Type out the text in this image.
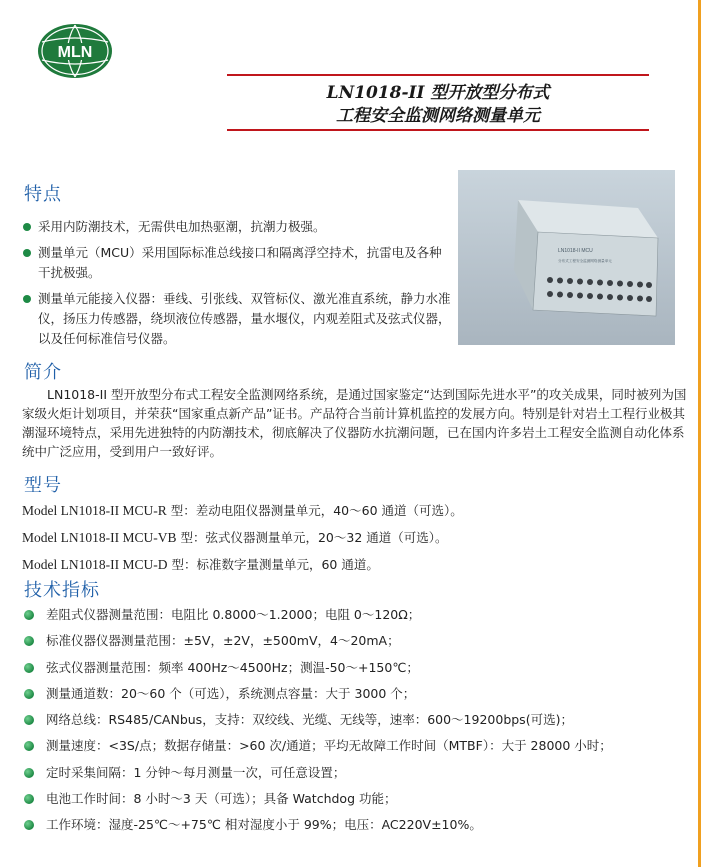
MLN
LN1018-II 型开放型分布式
工程安全监测网络测量单元
特点
采用内防潮技术，无需供电加热驱潮，抗潮力极强。
测量单元（MCU）采用国际标准总线接口和隔离浮空持术，抗雷电及各种干扰极强。
测量单元能接入仪器：垂线、引张线、双管标仪、激光准直系统，静力水准仪，扬压力传感器，绕坝液位传感器，量水堰仪，内观差阻式及弦式仪器，以及任何标准信号仪器。
LN1018-II MCU
分布式工程安全监测网络测量单元
简介

LN1018-II 型开放型分布式工程安全监测网络系统，是通过国家鉴定“达到国际先进水平”的攻关成果，同时被列为国家级火炬计划项目，并荣获“国家重点新产品”证书。产品符合当前计算机监控的发展方向。特别是针对岩土工程行业极其潮湿环境特点，采用先进独特的内防潮技术，彻底解决了仪器防水抗潮问题，已在国内许多岩土工程安全监测自动化体系统中广泛应用，受到用户一致好评。

型号
Model LN1018-II MCU-R 型：差动电阻仪器测量单元，40～60 通道（可选）。
Model LN1018-II MCU-VB 型：弦式仪器测量单元，20～32 通道（可选）。
Model LN1018-II MCU-D 型：标准数字量测量单元，60 通道。
技术指标
差阻式仪器测量范围：电阻比 0.8000～1.2000；电阻 0～120Ω；
标准仪器仪器测量范围：±5V，±2V，±500mV，4～20mA；
弦式仪器测量范围：频率 400Hz～4500Hz；测温-50～+150℃；
测量通道数：20～60 个（可选），系统测点容量：大于 3000 个；
网络总线：RS485/CANbus，支持：双绞线、光缆、无线等，速率：600～19200bps(可选)；
测量速度：<3S/点；数据存储量：>60 次/通道；平均无故障工作时间（MTBF）：大于 28000 小时；
定时采集间隔：1 分钟～每月测量一次，可任意设置；
电池工作时间：8 小时～3 天（可选）；具备 Watchdog 功能；
工作环境：湿度-25℃～+75℃ 相对湿度小于 99%；电压：AC220V±10%。
